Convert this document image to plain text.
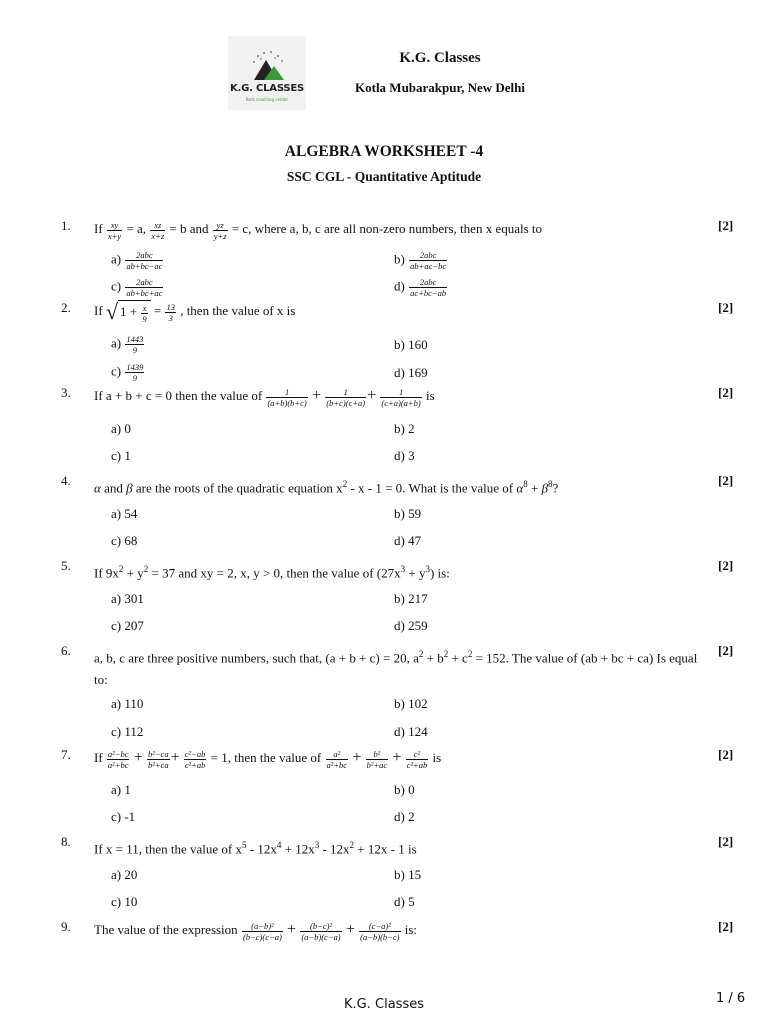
K.G. CLASSES
Best coaching center
K.G. Classes
Kotla Mubarakpur, New Delhi
ALGEBRA WORKSHEET -4
SSC CGL - Quantitative Aptitude
1. If $\frac{xy}{x+y} = a$, $\frac{xz}{x+z} = b$ and $\frac{yz}{y+z} = c$, where a, b, c are all non-zero numbers, then x equals to	[2]
$a) \frac{\text{2abc}}{ab+bc-ac}$	$b) \frac{\text{2abc}}{ab+ac-bc}$
$c) \frac{\text{2abc}}{ab+bc+ac}$	$d) \frac{\text{2abc}}{ac+bc-ab}$
2. If √ $1 + \frac{x}{9} = \frac{13}{3}$ , then the value of x is	[2]
$a) \frac{1443}{9}$	b) 160
$c) \frac{1439}{9}$	d) 169
3. If a + b + c = 0 then the value of $\frac{1}{(a+b)(b+c)} + \frac{1}{(b+c)(c+a)} + \frac{1}{(c+a)(a+b)}$ is	[2]
a) 0	b) 2
c) 1	d) 3
4. α and β are the roots of the quadratic equation $x^2 - x - 1 = 0$. What is the value of $\alpha^8 + \beta^8$?	[2]
a) 54	b) 59
c) 68	d) 47
5. If $9x^2 + y^2 = 37$ and xy = 2, x, y > 0, then the value of $(27x^3 + y^3)$ is:	[2]
a) 301	b) 217
c) 207	d) 259
6. a, b, c are three positive numbers, such that, (a + b + c) = 20, $a^2 + b^2 + c^2 = 152$. The value of (ab + bc + ca) Is equal to:
[2]
a) 110	b) 102
c) 112	d) 124
7. If $\frac{\text{a²−bc}}{\text{a²+bc}} + \frac{\text{b²−ca}}{\text{b²+ca}} + \frac{\text{c²−ab}}{\text{c²+ab}} = 1$, then the value of $\frac{\text{a²}}{\text{a²+bc}} + \frac{\text{b²}}{\text{b²+ac}} + \frac{\text{c²}}{\text{c²+ab}}$ is	[2]
a) 1	b) 0
c) -1	d) 2
8. If x = 11, then the value of $x^5 - 12x^4 + 12x^3 - 12x^2 + 12x - 1$ is	[2]
a) 20	b) 15
c) 10	d) 5
9. The value of the expression $\frac{\text{(a−b)²}}{(b-c)(c-a)} + \frac{\text{(b−c)²}}{(a-b)(c-a)} + \frac{\text{(c−a)²}}{(a-b)(b-c)}$ is:	[2]
K.G. Classes	1 / 6
